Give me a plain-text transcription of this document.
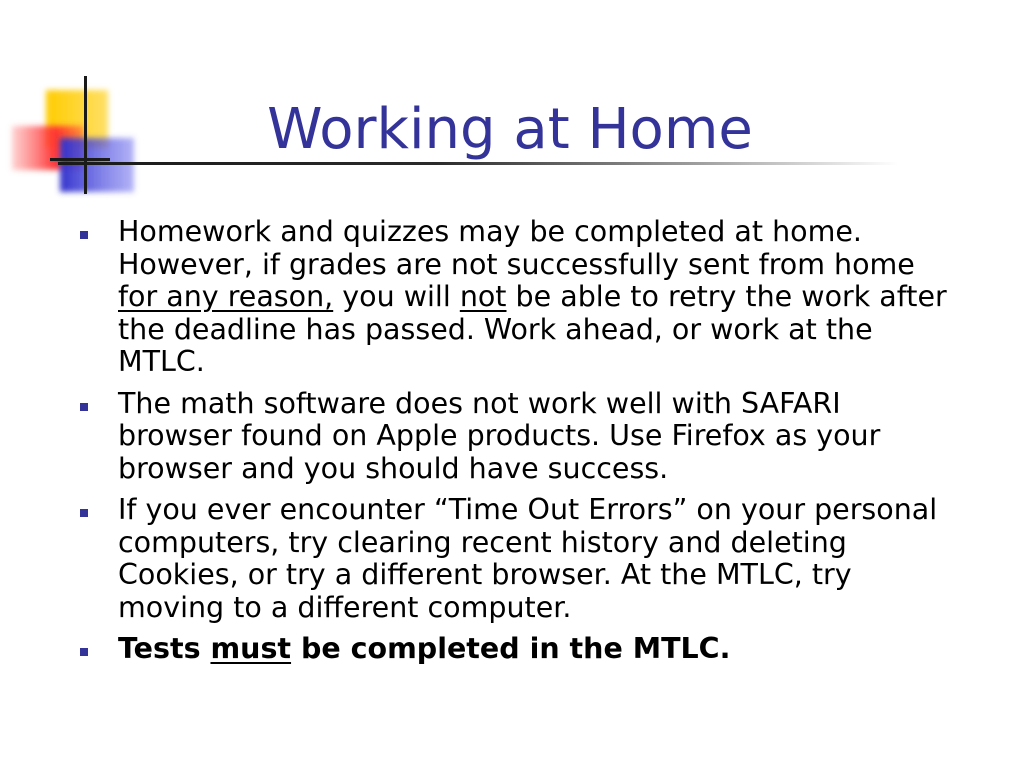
Working at Home
Homework and quizzes may be completed at home. However, if grades are not successfully sent from home for any reason, you will not be able to retry the work after the deadline has passed. Work ahead, or work at the MTLC.
The math software does not work well with SAFARI browser found on Apple products. Use Firefox as your browser and you should have success.
If you ever encounter “Time Out Errors” on your personal computers, try clearing recent history and deleting Cookies, or try a different browser. At the MTLC, try moving to a different computer.
Tests must be completed in the MTLC.
